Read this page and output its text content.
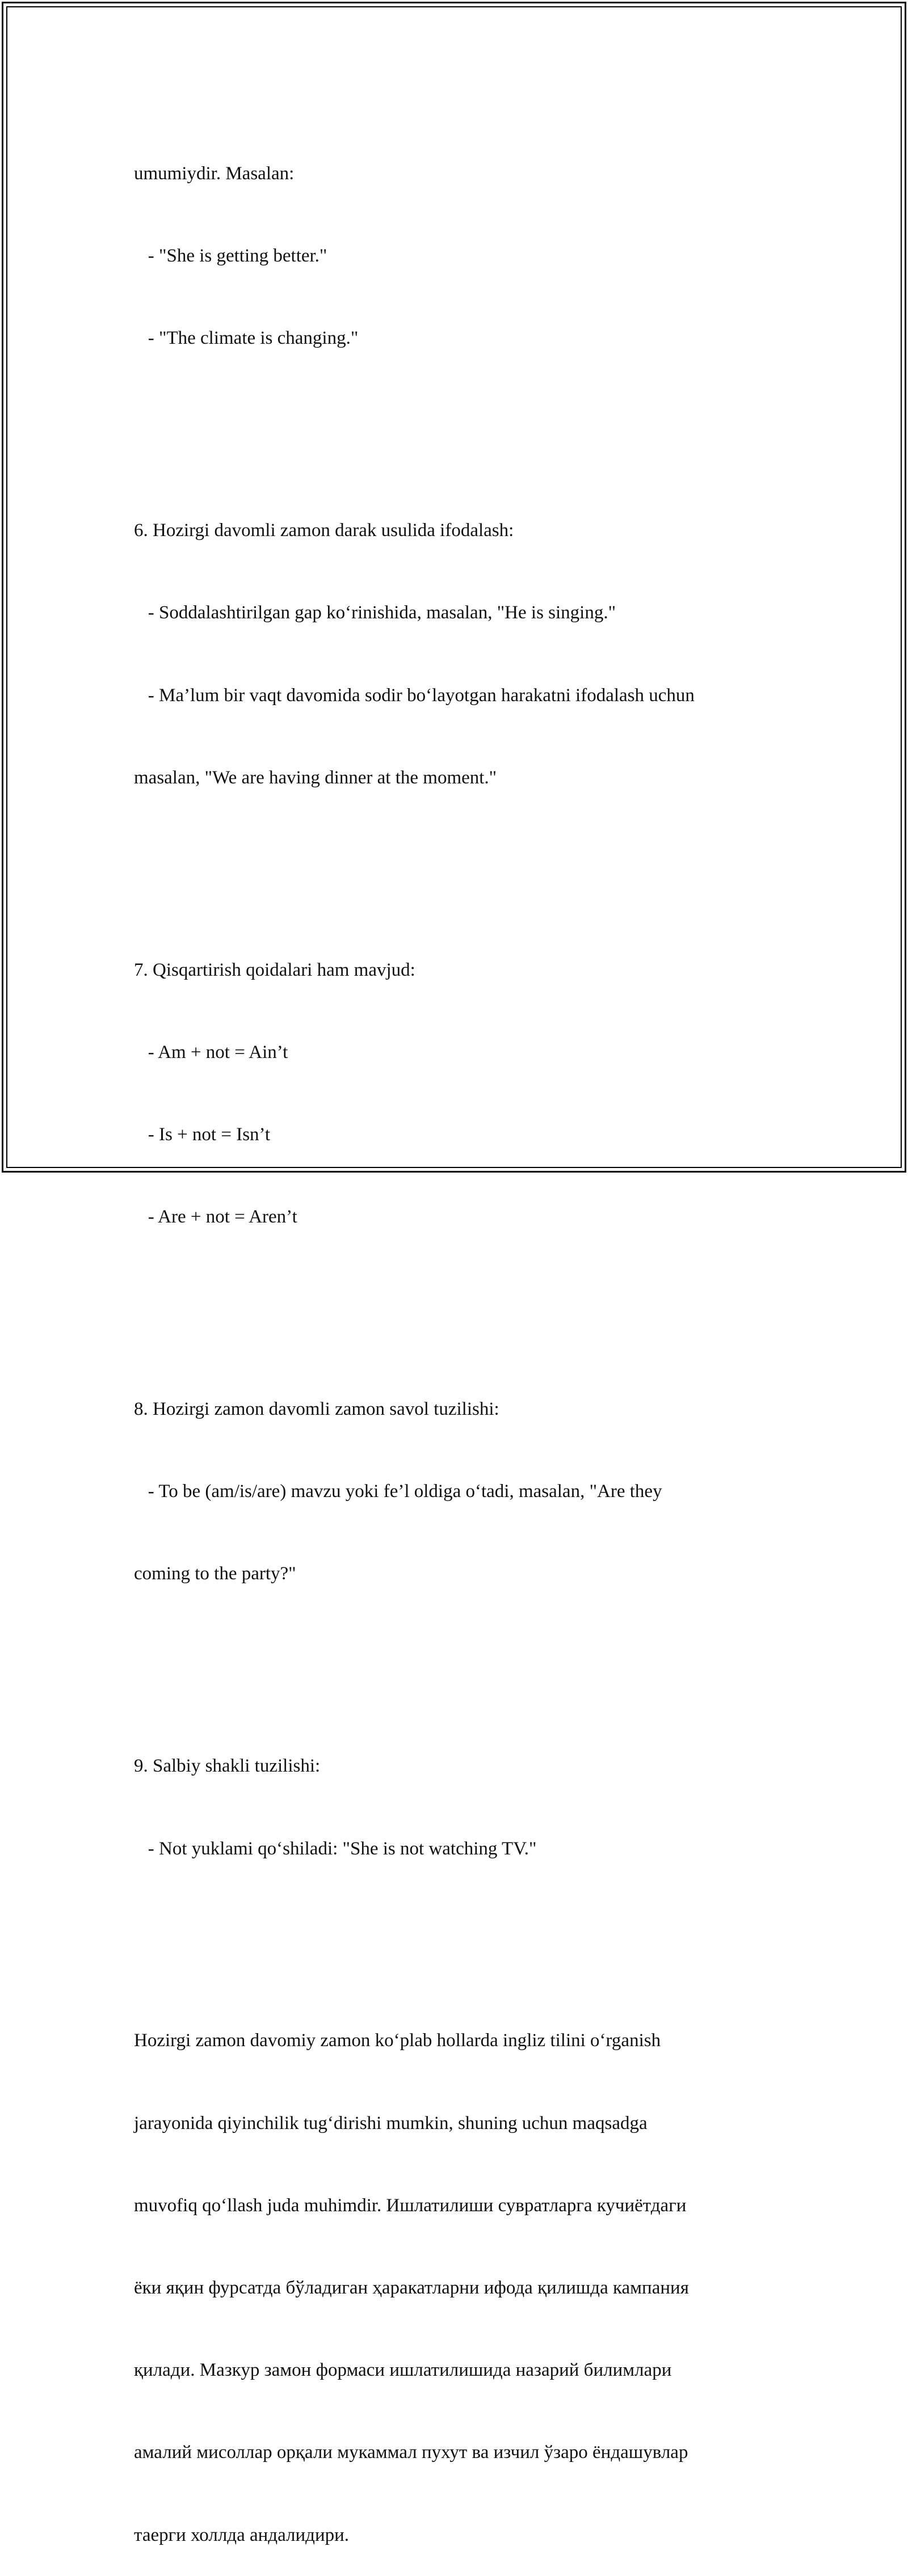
umumiydir. Masalan:

- "She is getting better."

- "The climate is changing."

6. Hozirgi davomli zamon darak usulida ifodalash:

- Soddalashtirilgan gap ko‘rinishida, masalan, "He is singing."

- Ma’lum bir vaqt davomida sodir bo‘layotgan harakatni ifodalash uchun

masalan, "We are having dinner at the moment."

7. Qisqartirish qoidalari ham mavjud:

- Am + not = Ain’t

- Is + not = Isn’t

- Are + not = Aren’t

8. Hozirgi zamon davomli zamon savol tuzilishi:

- To be (am/is/are) mavzu yoki fe’l oldiga o‘tadi, masalan, "Are they

coming to the party?"

9. Salbiy shakli tuzilishi:

- Not yuklami qo‘shiladi: "She is not watching TV."

Hozirgi zamon davomiy zamon ko‘plab hollarda ingliz tilini o‘rganish

jarayonida qiyinchilik tug‘dirishi mumkin, shuning uchun maqsadga

muvofiq qo‘llash juda muhimdir. Ишлатилиши сувратларга кучиётдаги

ёки яқин фурсатда бўладиган ҳаракатларни ифода қилишда кампания

қилади. Мазкур замон формаси ишлатилишида назарий билимлари

амалий мисоллар орқали мукаммал пухут ва изчил ўзаро ёндашувлар

таерги холлда андалидири.
